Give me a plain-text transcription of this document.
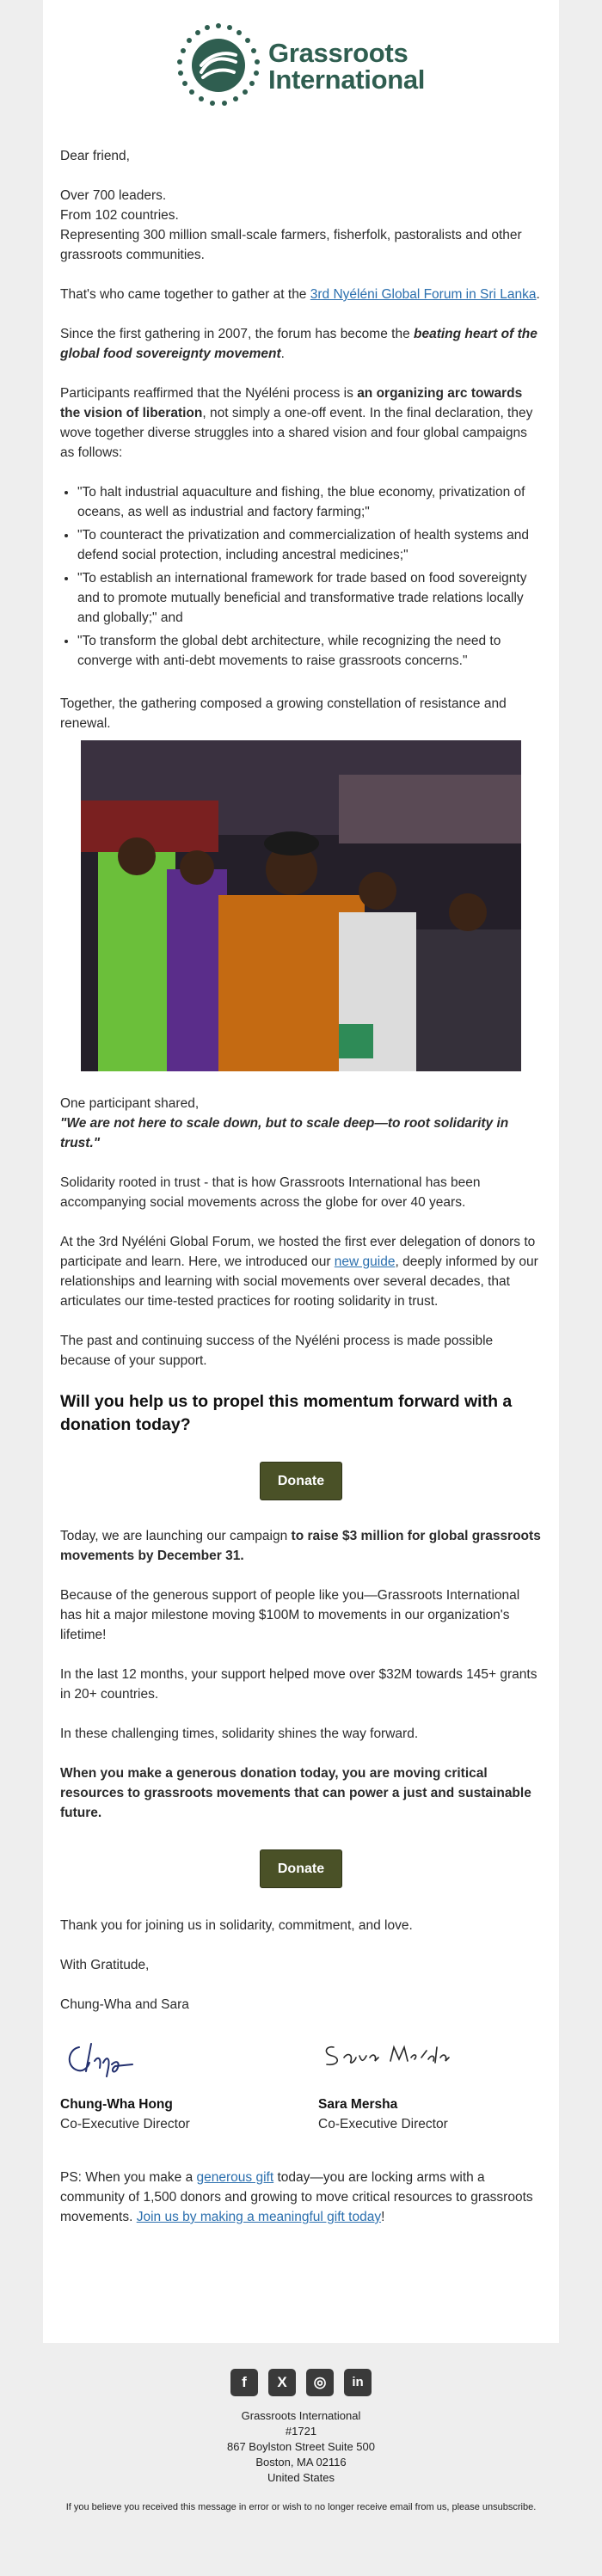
Grassroots
International

Dear friend,

Over 700 leaders.

From 102 countries.

Representing 300 million small-scale farmers, fisherfolk, pastoralists and other grassroots communities.

That's who came together to gather at the 3rd Nyéléni Global Forum in Sri Lanka.

Since the first gathering in 2007, the forum has become the beating heart of the global food sovereignty movement.

Participants reaffirmed that the Nyéléni process is an organizing arc towards the vision of liberation, not simply a one-off event. In the final declaration, they wove together diverse struggles into a shared vision and four global campaigns as follows:

• "To halt industrial aquaculture and fishing, the blue economy, privatization of oceans, as well as industrial and factory farming;"
• "To counteract the privatization and commercialization of health systems and defend social protection, including ancestral medicines;"
• "To establish an international framework for trade based on food sovereignty and to promote mutually beneficial and transformative trade relations locally and globally;" and
• "To transform the global debt architecture, while recognizing the need to converge with anti-debt movements to raise grassroots concerns."

Together, the gathering composed a growing constellation of resistance and renewal.

One participant shared,

"We are not here to scale down, but to scale deep—to root solidarity in trust."

Solidarity rooted in trust - that is how Grassroots International has been accompanying social movements across the globe for over 40 years.

At the 3rd Nyéléni Global Forum, we hosted the first ever delegation of donors to participate and learn. Here, we introduced our new guide, deeply informed by our relationships and learning with social movements over several decades, that articulates our time-tested practices for rooting solidarity in trust.

The past and continuing success of the Nyéléni process is made possible because of your support.

Will you help us to propel this momentum forward with a donation today?

Donate

Today, we are launching our campaign to raise $3 million for global grassroots movements by December 31.

Because of the generous support of people like you—Grassroots International has hit a major milestone moving $100M to movements in our organization's lifetime!

In the last 12 months, your support helped move over $32M towards 145+ grants in 20+ countries.

In these challenging times, solidarity shines the way forward.

When you make a generous donation today, you are moving critical resources to grassroots movements that can power a just and sustainable future.

Donate

Thank you for joining us in solidarity, commitment, and love.

With Gratitude,

Chung-Wha and Sara

Chung-Wha Hong

Co-Executive Director

Sara Mersha

Co-Executive Director

PS: When you make a generous gift today—you are locking arms with a community of 1,500 donors and growing to move critical resources to grassroots movements. Join us by making a meaningful gift today!

f	X	◎	in

Grassroots International

#1721

867 Boylston Street Suite 500

Boston, MA 02116

United States

If you believe you received this message in error or wish to no longer receive email from us, please unsubscribe.
